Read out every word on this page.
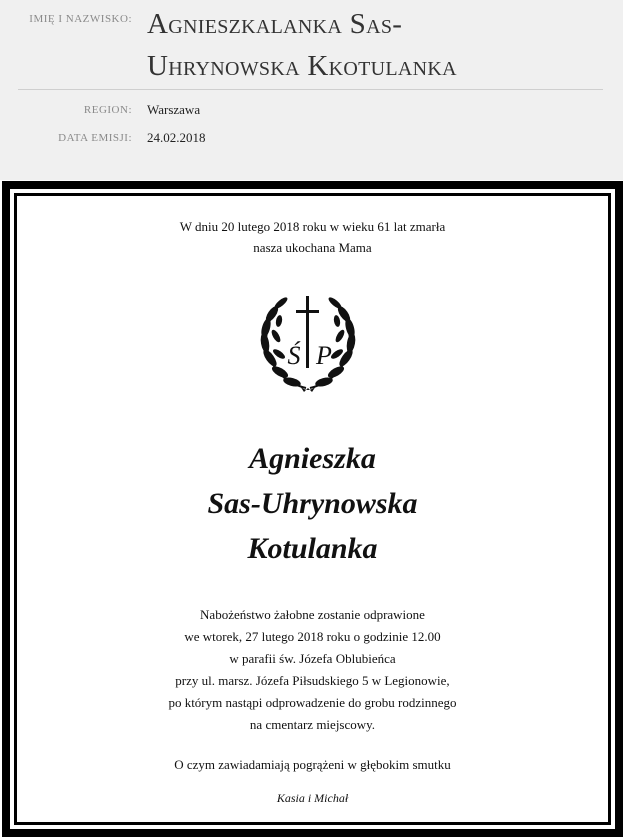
IMIĘ I NAZWISKO: Agnieszkalanka Sas-
Uhrynowska Kkotulanka
REGION: Warszawa
DATA EMISJI: 24.02.2018
W dniu 20 lutego 2018 roku w wieku 61 lat zmarła
nasza ukochana Mama
Ś P
Agnieszka
Sas-Uhrynowska
Kotulanka
Nabożeństwo żałobne zostanie odprawione
we wtorek, 27 lutego 2018 roku o godzinie 12.00
w parafii św. Józefa Oblubieńca
przy ul. marsz. Józefa Piłsudskiego 5 w Legionowie,
po którym nastąpi odprowadzenie do grobu rodzinnego
na cmentarz miejscowy.
O czym zawiadamiają pogrążeni w głębokim smutku
Kasia i Michał
